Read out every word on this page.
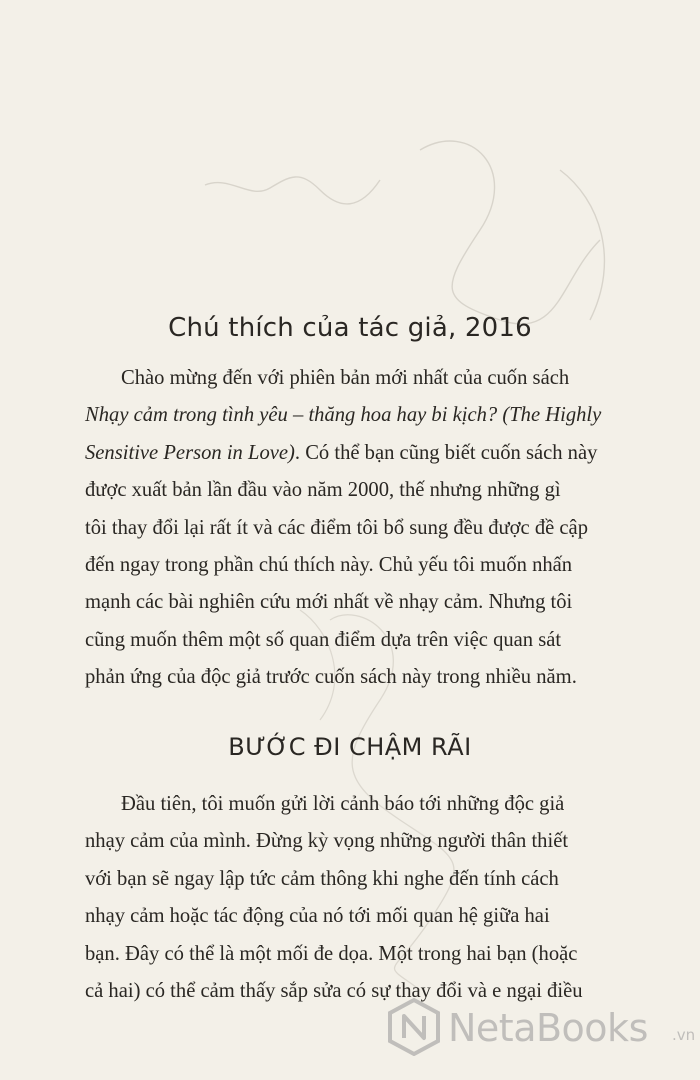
Chú thích của tác giả, 2016
Chào mừng đến với phiên bản mới nhất của cuốn sách
Nhạy cảm trong tình yêu – thăng hoa hay bi kịch? (The Highly
Sensitive Person in Love). Có thể bạn cũng biết cuốn sách này
được xuất bản lần đầu vào năm 2000, thế nhưng những gì
tôi thay đổi lại rất ít và các điểm tôi bổ sung đều được đề cập
đến ngay trong phần chú thích này. Chủ yếu tôi muốn nhấn
mạnh các bài nghiên cứu mới nhất về nhạy cảm. Nhưng tôi
cũng muốn thêm một số quan điểm dựa trên việc quan sát
phản ứng của độc giả trước cuốn sách này trong nhiều năm.
BƯỚC ĐI CHẬM RÃI
Đầu tiên, tôi muốn gửi lời cảnh báo tới những độc giả
nhạy cảm của mình. Đừng kỳ vọng những người thân thiết
với bạn sẽ ngay lập tức cảm thông khi nghe đến tính cách
nhạy cảm hoặc tác động của nó tới mối quan hệ giữa hai
bạn. Đây có thể là một mối đe dọa. Một trong hai bạn (hoặc
cả hai) có thể cảm thấy sắp sửa có sự thay đổi và e ngại điều
NetaBooks .vn
